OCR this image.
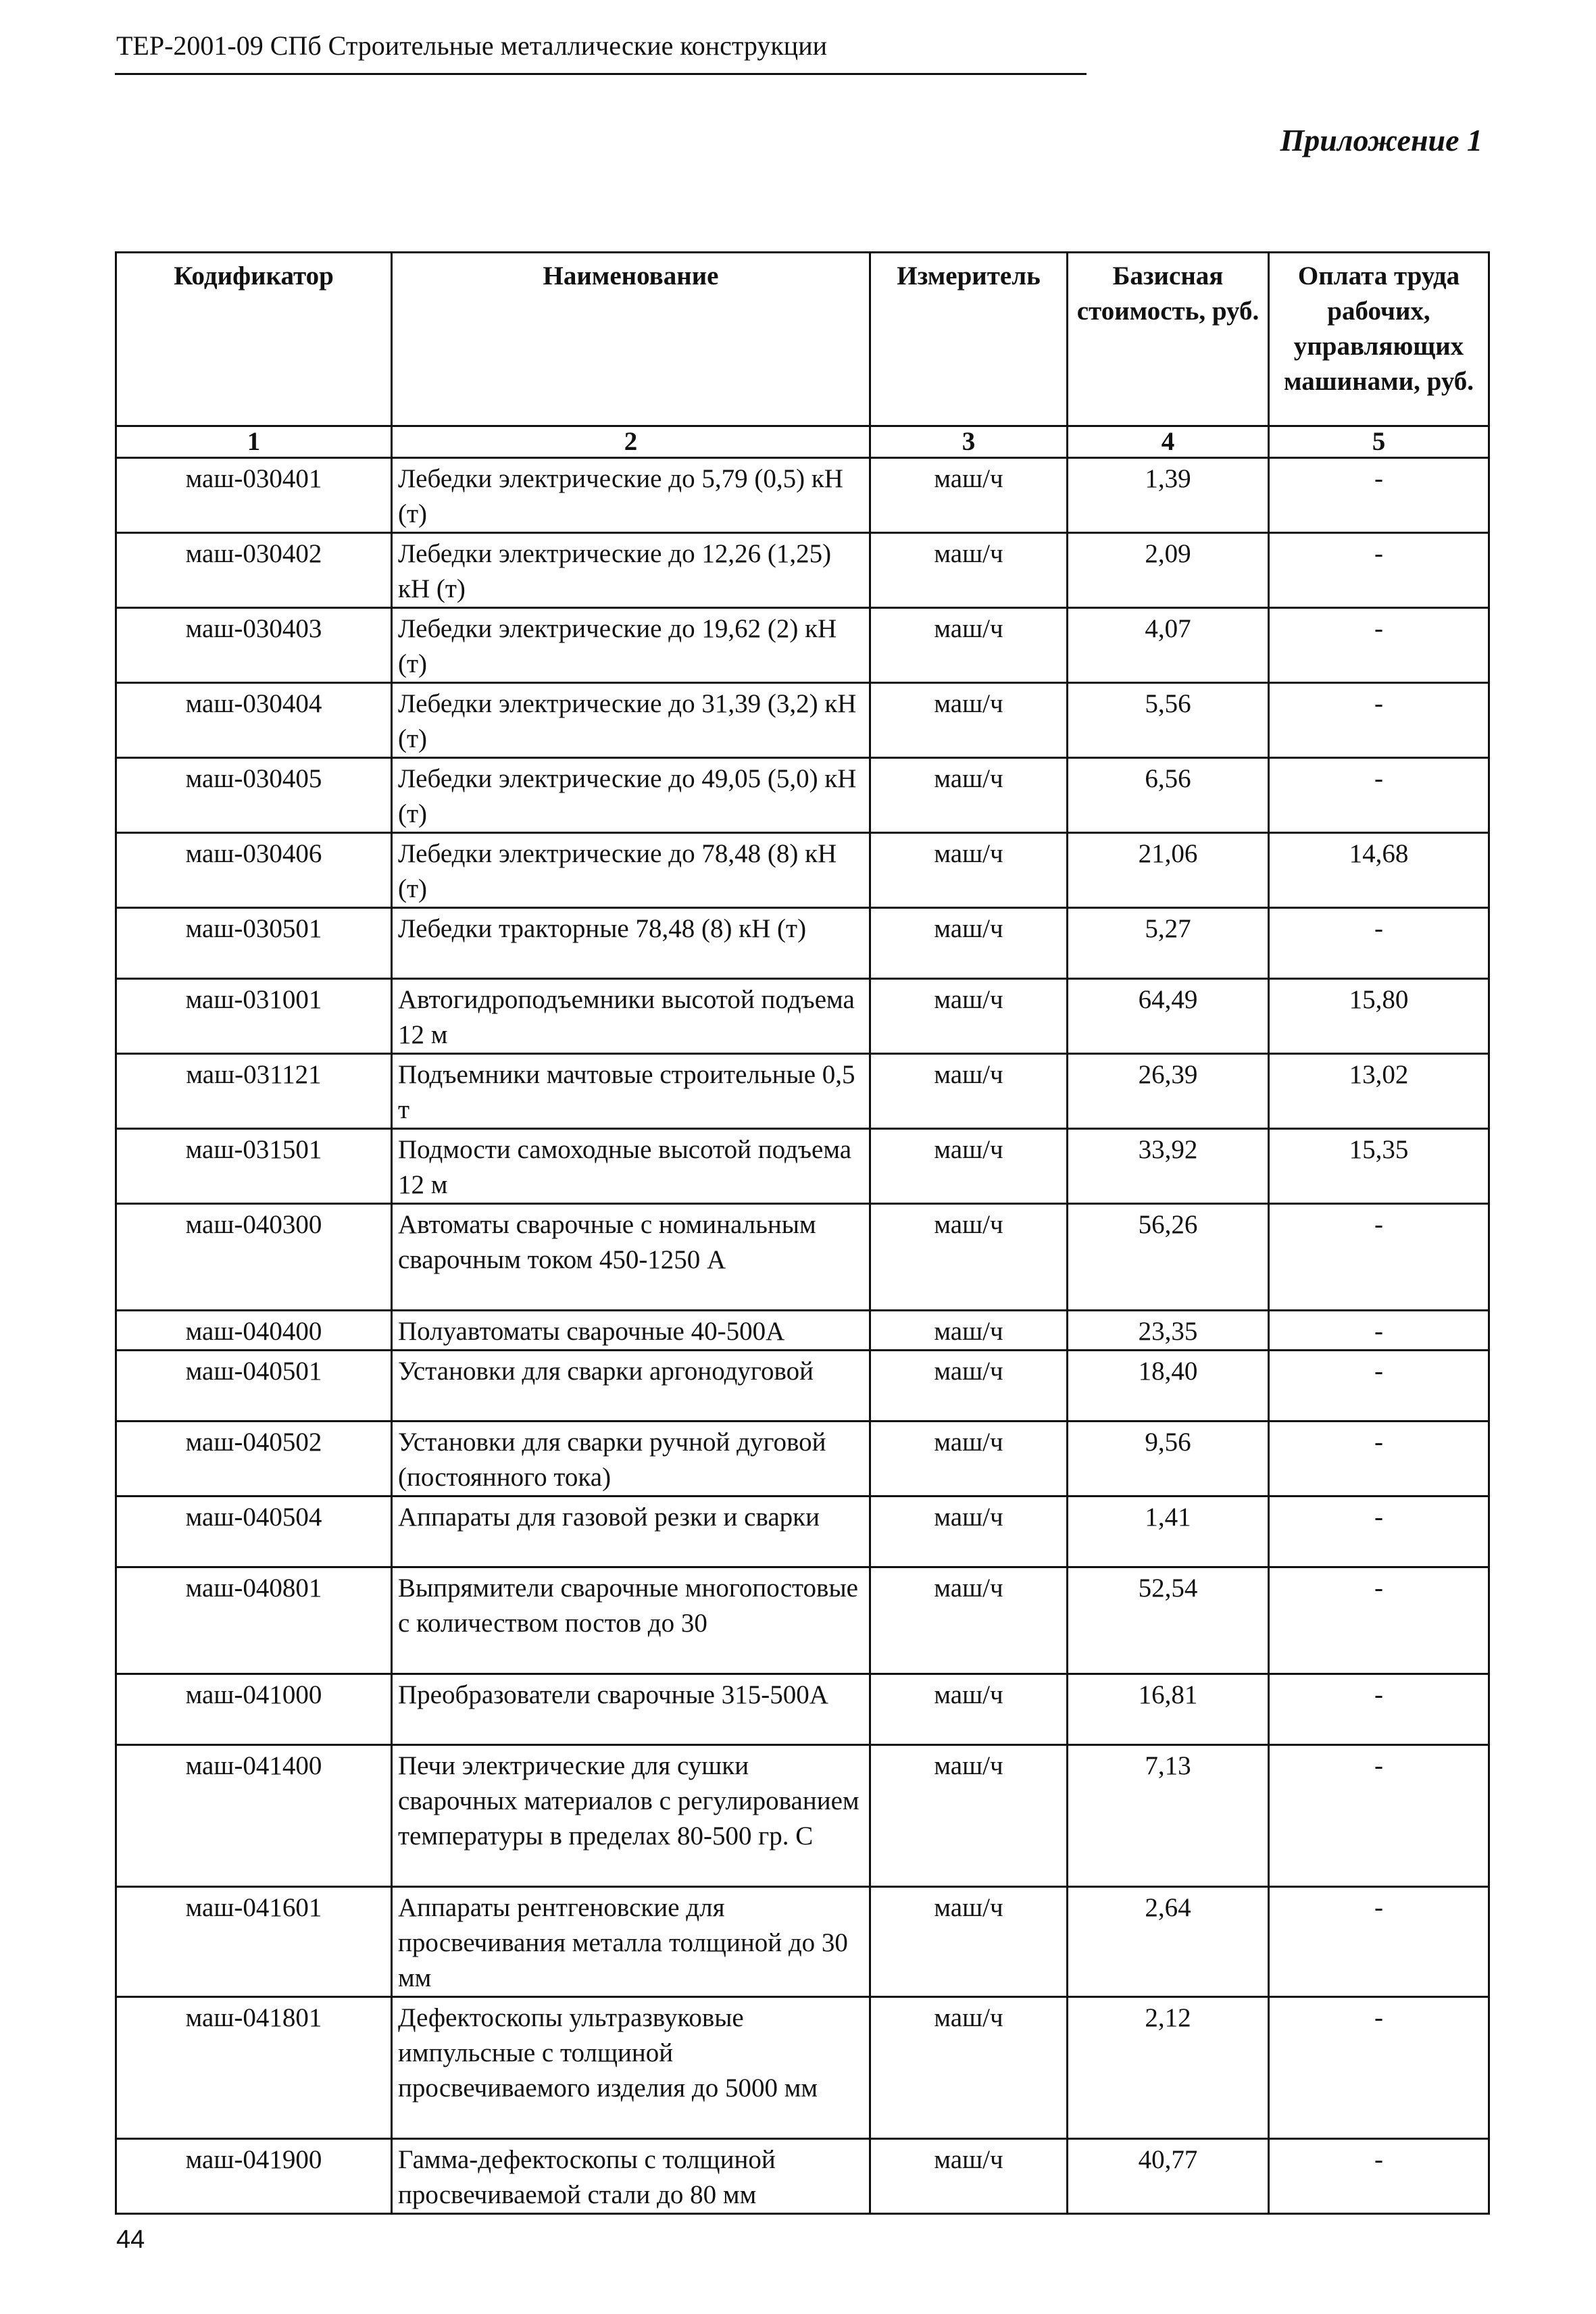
ТЕР-2001-09 СПб Строительные металлические конструкции
Приложение 1
Кодификатор	Наименование	Измеритель	Базисная стоимость, руб.	Оплата труда рабочих, управляющих машинами, руб.
1	2	3	4	5
маш-030401	Лебедки электрические до 5,79 (0,5) кН (т)	маш/ч	1,39	-
маш-030402	Лебедки электрические до 12,26 (1,25) кН (т)	маш/ч	2,09	-
маш-030403	Лебедки электрические до 19,62 (2) кН (т)	маш/ч	4,07	-
маш-030404	Лебедки электрические до 31,39 (3,2) кН (т)	маш/ч	5,56	-
маш-030405	Лебедки электрические до 49,05 (5,0) кН (т)	маш/ч	6,56	-
маш-030406	Лебедки электрические до 78,48 (8) кН (т)	маш/ч	21,06	14,68
маш-030501	Лебедки тракторные 78,48 (8) кН (т)	маш/ч	5,27	-
маш-031001	Автогидроподъемники высотой подъема 12 м	маш/ч	64,49	15,80
маш-031121	Подъемники мачтовые строительные 0,5 т	маш/ч	26,39	13,02
маш-031501	Подмости самоходные высотой подъема 12 м	маш/ч	33,92	15,35
маш-040300	Автоматы сварочные с номинальным сварочным током 450-1250 А	маш/ч	56,26	-
маш-040400	Полуавтоматы сварочные 40-500А	маш/ч	23,35	-
маш-040501	Установки для сварки аргонодуговой	маш/ч	18,40	-
маш-040502	Установки для сварки ручной дуговой (постоянного тока)	маш/ч	9,56	-
маш-040504	Аппараты для газовой резки и сварки	маш/ч	1,41	-
маш-040801	Выпрямители сварочные многопостовые с количеством постов до 30	маш/ч	52,54	-
маш-041000	Преобразователи сварочные 315-500А	маш/ч	16,81	-
маш-041400	Печи электрические для сушки сварочных материалов с регулированием температуры в пределах 80-500 гр. С	маш/ч	7,13	-
маш-041601	Аппараты рентгеновские для просвечивания металла толщиной до 30 мм	маш/ч	2,64	-
маш-041801	Дефектоскопы ультразвуковые импульсные с толщиной просвечиваемого изделия до 5000 мм	маш/ч	2,12	-
маш-041900	Гамма-дефектоскопы с толщиной просвечиваемой стали до 80 мм	маш/ч	40,77	-
44
